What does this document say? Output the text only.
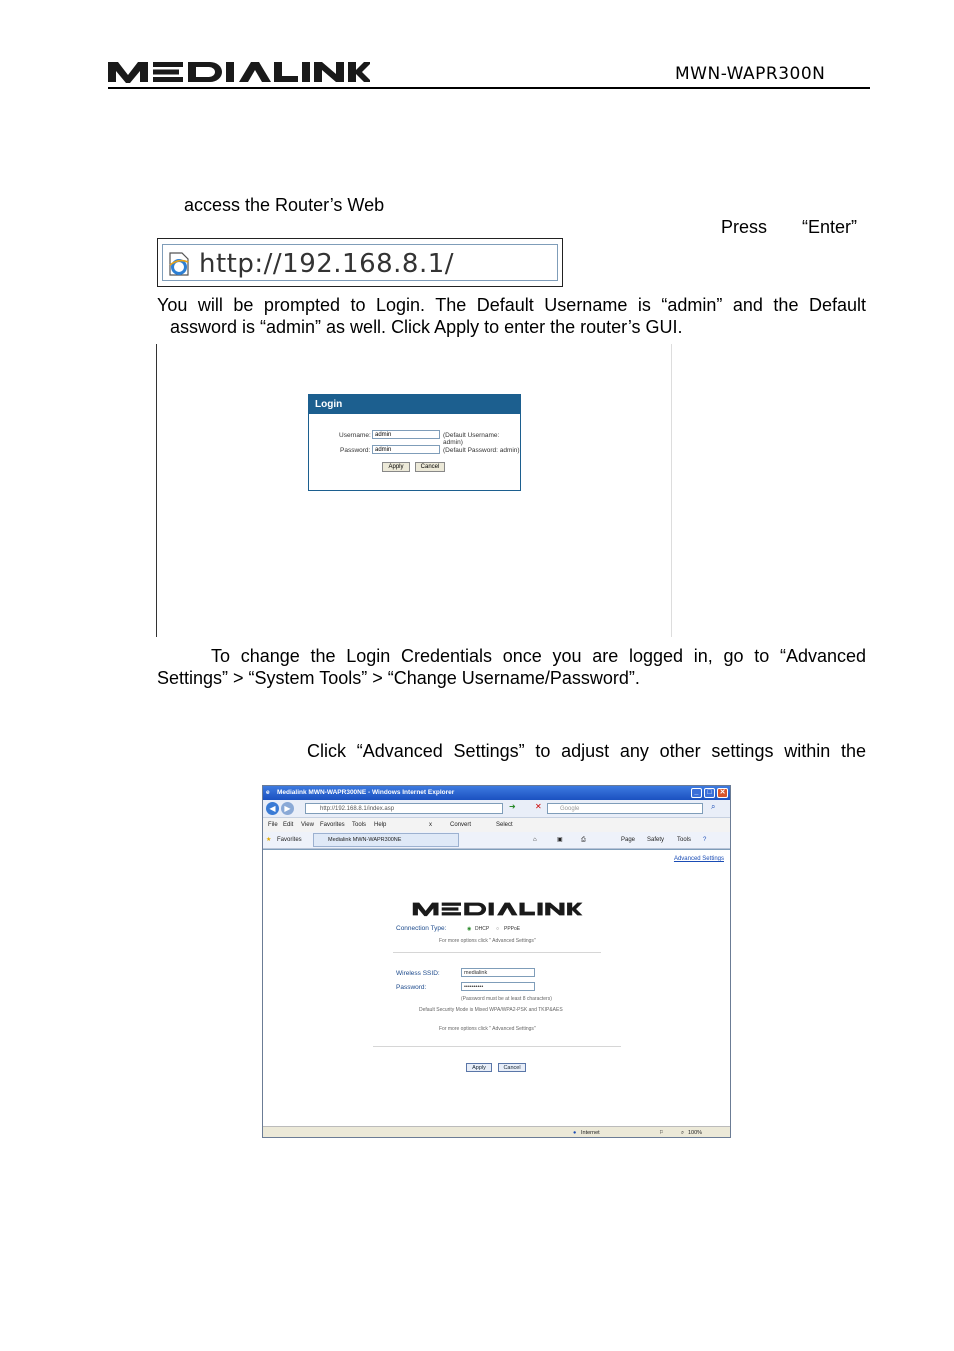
MWN-WAPR300N
access the Router’s Web
Press “Enter”
http://192.168.8.1/
You will be prompted to Login. The Default Username is “admin” and the Default
assword is “admin” as well. Click Apply to enter the router’s GUI.
Login
Username: admin	(Default Username: admin)
Password: admin	(Default Password: admin)
Apply	Cancel
To change the Login Credentials once you are logged in, go to “Advanced
Settings” > “System Tools” > “Change Username/Password”.
Click “Advanced Settings” to adjust any other settings within the
e Medialink MWN-WAPR300NE - Windows Internet Explorer	_	□	✕
◀	▶	http://192.168.8.1/index.asp	➜ ✕	Google	⌕
File Edit View Favorites Tools Help	x	Convert	Select
★ Favorites	Medialink MWN-WAPR300NE	⌂	▣	⎙	Page Safety Tools ?
Advanced Settings
Connection Type:	◉ DHCP ○ PPPoE
For more options click " Advanced Settings"
Wireless SSID:	medialink
Password:	••••••••••
(Password must be at least 8 characters)
Default Security Mode is Mixed WPA/WPA2-PSK and TKIP&AES
For more options click " Advanced Settings"
Apply	Cancel
● Internet	⚐	⌕ 100%
